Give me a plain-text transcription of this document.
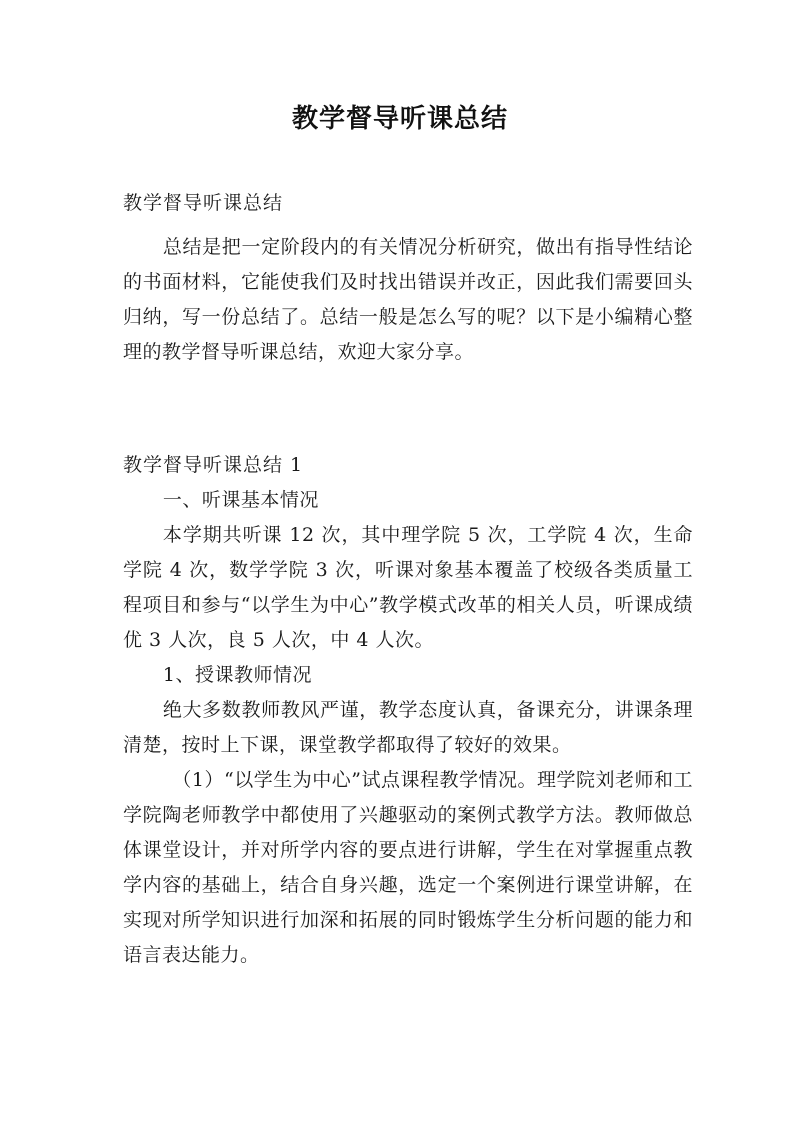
教学督导听课总结
教学督导听课总结

总结是把一定阶段内的有关情况分析研究，做出有指导性结论的书面材料，它能使我们及时找出错误并改正，因此我们需要回头归纳，写一份总结了。总结一般是怎么写的呢？以下是小编精心整理的教学督导听课总结，欢迎大家分享。

教学督导听课总结 1

一、听课基本情况

本学期共听课 12 次，其中理学院 5 次，工学院 4 次，生命学院 4 次，数学学院 3 次，听课对象基本覆盖了校级各类质量工程项目和参与“以学生为中心”教学模式改革的相关人员，听课成绩优 3 人次，良 5 人次，中 4 人次。

1、授课教师情况

绝大多数教师教风严谨，教学态度认真，备课充分，讲课条理清楚，按时上下课，课堂教学都取得了较好的效果。

（1）“以学生为中心”试点课程教学情况。理学院刘老师和工学院陶老师教学中都使用了兴趣驱动的案例式教学方法。教师做总体课堂设计，并对所学内容的要点进行讲解，学生在对掌握重点教学内容的基础上，结合自身兴趣，选定一个案例进行课堂讲解，在实现对所学知识进行加深和拓展的同时锻炼学生分析问题的能力和语言表达能力。
